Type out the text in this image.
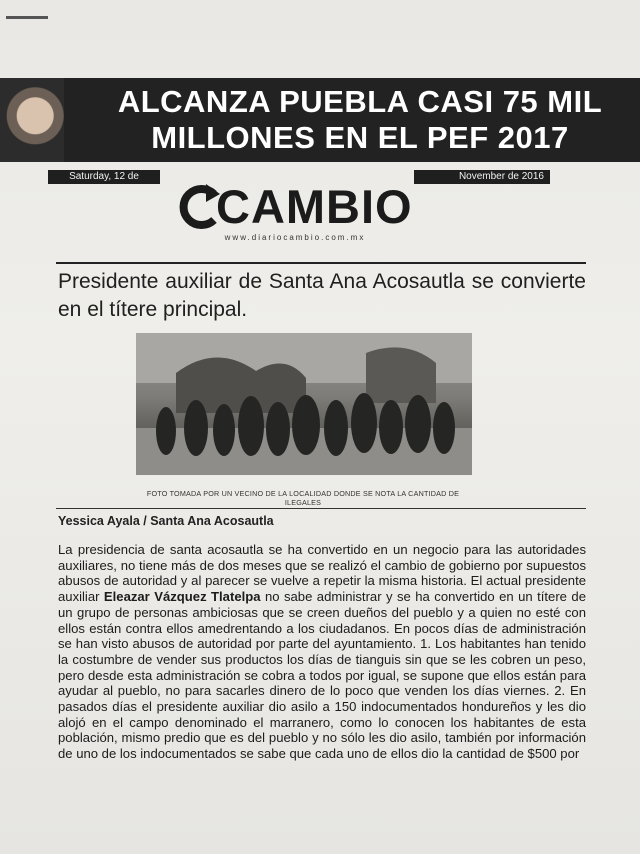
ALCANZA PUEBLA CASI 75 MIL
MILLONES EN EL PEF 2017
Saturday, 12 de	November de 2016
CAMBIO
www.diariocambio.com.mx
Presidente auxiliar de Santa Ana Acosautla se convierte en el títere principal.
FOTO TOMADA POR UN VECINO DE LA LOCALIDAD DONDE SE NOTA LA CANTIDAD DE ILEGALES
Yessica Ayala / Santa Ana Acosautla
La presidencia de santa acosautla se ha convertido en un negocio para las autoridades auxiliares, no tiene más de dos meses que se realizó el cambio de gobierno por supuestos abusos de autoridad y al parecer se vuelve a repetir la misma historia. El actual presidente auxiliar Eleazar Vázquez Tlatelpa no sabe administrar y se ha convertido en un títere de un grupo de personas ambiciosas que se creen dueños del pueblo y a quien no esté con ellos están contra ellos amedrentando a los ciudadanos. En pocos días de administración se han visto abusos de autoridad por parte del ayuntamiento. 1. Los habitantes han tenido la costumbre de vender sus productos los días de tianguis sin que se les cobren un peso, pero desde esta administración se cobra a todos por igual, se supone que ellos están para ayudar al pueblo, no para sacarles dinero de lo poco que venden los días viernes. 2. En pasados días el presidente auxiliar dio asilo a 150 indocumentados hondureños y les dio alojó en el campo denominado el marranero, como lo conocen los habitantes de esta población, mismo predio que es del pueblo y no sólo les dio asilo, también por información de uno de los indocumentados se sabe que cada uno de ellos dio la cantidad de $500 por
